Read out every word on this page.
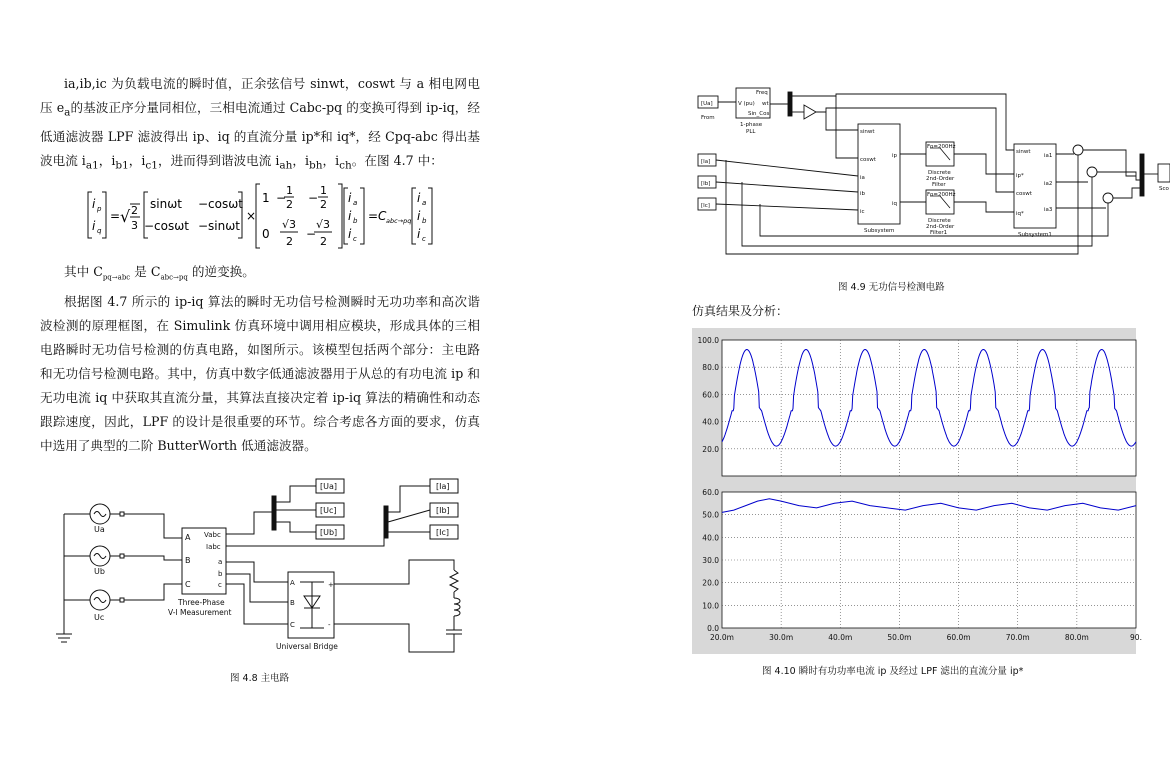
ia,ib,ic 为负载电流的瞬时值，正余弦信号 sinwt，coswt 与 a 相电网电压 $e_a$的基波正序分量同相位，三相电流通过 Cabc-pq 的变换可得到 ip-iq，经低通滤波器 LPF 滤波得出 ip、iq 的直流分量 ip*和 iq*，经 Cpq-abc 得出基波电流 $i_{a1}$，$i_{b1}$，$i_{c1}$，进而得到谐波电流 $i_{ah}$，$i_{bh}$，$i_{ch}$。在图 4.7 中：

i p
i q
= √ 2
3
sinωt −cosωt
−cosωt −sinωt
×
1 −
1
2 −
1
2
0
√3
2
−
√3
2
i a
i b
i c
= C abc→pq
i a
i b
i c

其中 $C_{pq\to abc}$ 是 $C_{abc\to pq}$ 的逆变换。

根据图 4.7 所示的 ip-iq 算法的瞬时无功信号检测瞬时无功功率和高次谐波检测的原理框图，在 Simulink 仿真环境中调用相应模块，形成具体的三相电路瞬时无功信号检测的仿真电路，如图所示。该模型包括两个部分：主电路和无功信号检测电路。其中，仿真中数字低通滤波器用于从总的有功电流 ip 和无功电流 iq 中获取其直流分量，其算法直接决定着 ip-iq 算法的精确性和动态跟踪速度，因此，LPF 的设计是很重要的环节。综合考虑各方面的要求，仿真中选用了典型的二阶 ButterWorth 低通滤波器。

Ua
Ub
Uc
A
B
C
Vabc
Iabc
a
b
c
Three-Phase
V-I Measurement
A
B
C
+
-
Universal Bridge
[Ua]
[Uc]
[Ub]
[Ia]
[Ib]
[Ic]
图 4.8 主电路
[Ua]
From
Freq
V (pu) wt
Sin_Cos
1-phase
PLL
[Ia]
[Ib]
[Ic]
sinwt
coswt
ia
ib
ic
ip
iq
Subsystem
Fo=200Hz
Discrete
2nd-Order
Filter
Fo=200Hz
Discrete
2nd-Order
Filter1
sinwt
ip*
coswt
iq*
ia1
ia2
ia3
Subsystem1
Sco
图 4.9 无功信号检测电路
仿真结果及分析：
100.0
80.0
60.0
40.0
20.0
60.0
50.0
40.0
30.0
20.0
10.0
0.0
20.0m	30.0m	40.0m	50.0m	60.0m	70.0m	80.0m	90.
图 4.10 瞬时有功功率电流 ip 及经过 LPF 滤出的直流分量 ip*
